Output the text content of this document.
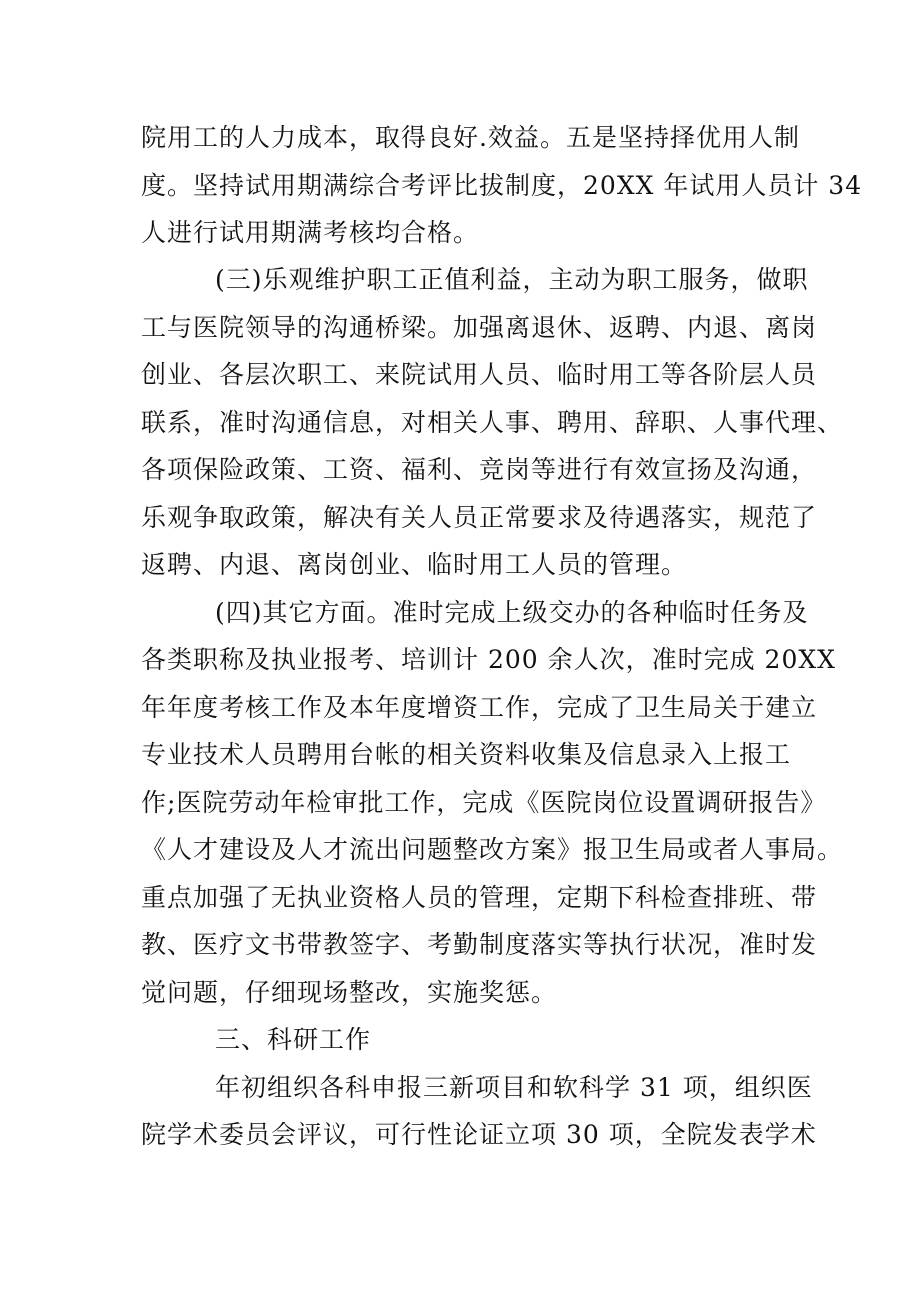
院用工的人力成本，取得良好.效益。五是坚持择优用人制
度。坚持试用期满综合考评比拔制度，20XX 年试用人员计 34
人进行试用期满考核均合格。
(三)乐观维护职工正值利益，主动为职工服务，做职
工与医院领导的沟通桥梁。加强离退休、返聘、内退、离岗
创业、各层次职工、来院试用人员、临时用工等各阶层人员
联系，准时沟通信息，对相关人事、聘用、辞职、人事代理、
各项保险政策、工资、福利、竞岗等进行有效宣扬及沟通，
乐观争取政策，解决有关人员正常要求及待遇落实，规范了
返聘、内退、离岗创业、临时用工人员的管理。
(四)其它方面。准时完成上级交办的各种临时任务及
各类职称及执业报考、培训计 200 余人次，准时完成 20XX
年年度考核工作及本年度增资工作，完成了卫生局关于建立
专业技术人员聘用台帐的相关资料收集及信息录入上报工
作;医院劳动年检审批工作，完成《医院岗位设置调研报告》
《人才建设及人才流出问题整改方案》报卫生局或者人事局。
重点加强了无执业资格人员的管理，定期下科检查排班、带
教、医疗文书带教签字、考勤制度落实等执行状况，准时发
觉问题，仔细现场整改，实施奖惩。
三、科研工作
年初组织各科申报三新项目和软科学 31 项，组织医
院学术委员会评议，可行性论证立项 30 项，全院发表学术
